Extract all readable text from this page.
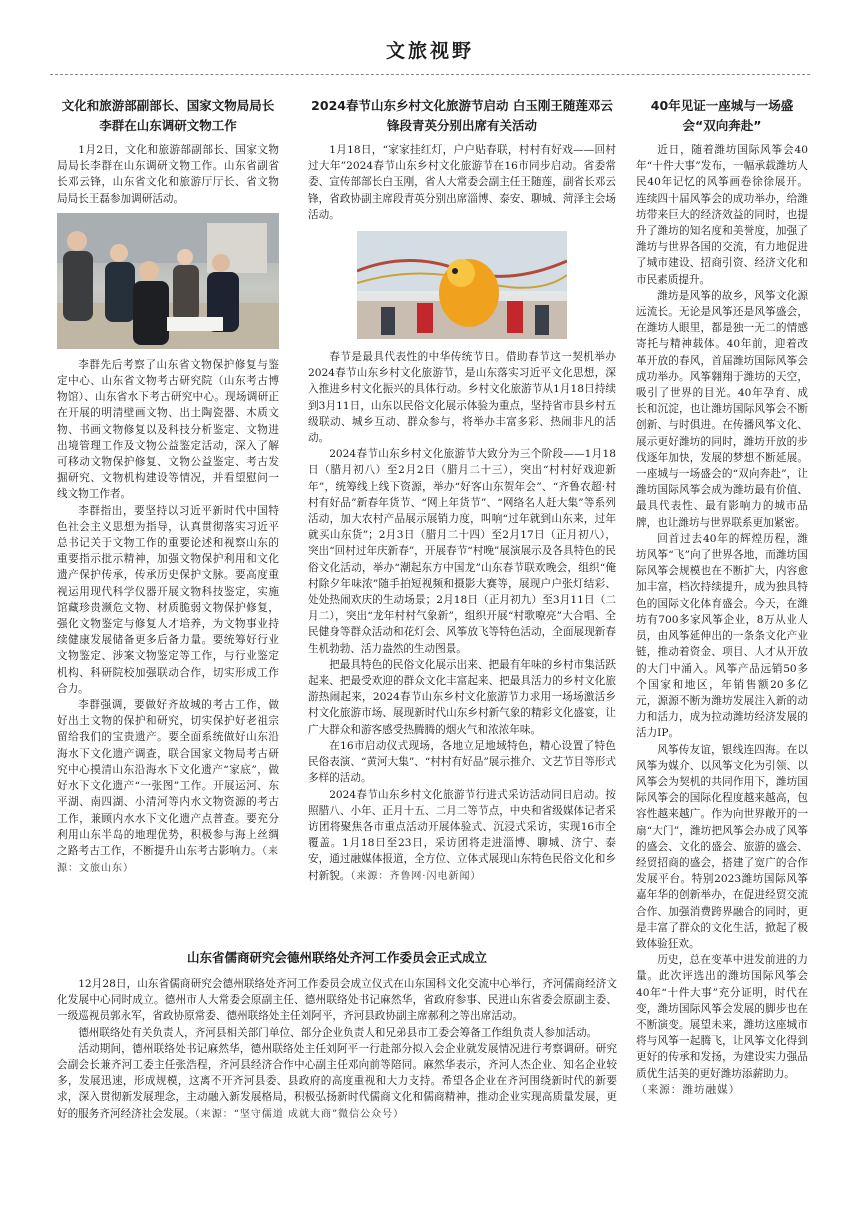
文旅视野
文化和旅游部副部长、国家文物局局长李群在山东调研文物工作

1月2日，文化和旅游部副部长、国家文物局局长李群在山东调研文物工作。山东省副省长邓云锋，山东省文化和旅游厅厅长、省文物局局长王磊参加调研活动。

李群先后考察了山东省文物保护修复与鉴定中心、山东省文物考古研究院（山东考古博物馆）、山东省水下考古研究中心。现场调研正在开展的明清壁画文物、出土陶瓷器、木质文物、书画文物修复以及科技分析鉴定、文物进出境管理工作及文物公益鉴定活动，深入了解可移动文物保护修复、文物公益鉴定、考古发掘研究、文物机构建设等情况，并看望慰问一线文物工作者。

李群指出，要坚持以习近平新时代中国特色社会主义思想为指导，认真贯彻落实习近平总书记关于文物工作的重要论述和视察山东的重要指示批示精神，加强文物保护利用和文化遗产保护传承，传承历史保护文脉。要高度重视运用现代科学仪器开展文物科技鉴定，实施馆藏珍贵濒危文物、材质脆弱文物保护修复，强化文物鉴定与修复人才培养，为文物事业持续健康发展储备更多后备力量。要统筹好行业文物鉴定、涉案文物鉴定等工作，与行业鉴定机构、科研院校加强联动合作，切实形成工作合力。

李群强调，要做好齐故城的考古工作，做好出土文物的保护和研究，切实保护好老祖宗留给我们的宝贵遗产。要全面系统做好山东沿海水下文化遗产调查，联合国家文物局考古研究中心摸清山东沿海水下文化遗产“家底”，做好水下文化遗产“一张图”工作。开展运河、东平湖、南四湖、小清河等内水文物资源的考古工作，兼顾内水水下文化遗产点普查。要充分利用山东半岛的地理优势，积极参与海上丝绸之路考古工作，不断提升山东考古影响力。（来源：文旅山东）

2024春节山东乡村文化旅游节启动 白玉刚王随莲邓云锋段青英分别出席有关活动

1月18日，“家家挂红灯，户户贴春联，村村有好戏——回村过大年”2024春节山东乡村文化旅游节在16市同步启动。省委常委、宣传部部长白玉刚，省人大常委会副主任王随莲，副省长邓云锋，省政协副主席段青英分别出席淄博、泰安、聊城、菏泽主会场活动。

春节是最具代表性的中华传统节日。借助春节这一契机举办2024春节山东乡村文化旅游节，是山东落实习近平文化思想，深入推进乡村文化振兴的具体行动。乡村文化旅游节从1月18日持续到3月11日，山东以民俗文化展示体验为重点，坚持省市县乡村五级联动、城乡互动、群众参与，将举办丰富多彩、热闹非凡的活动。

2024春节山东乡村文化旅游节大致分为三个阶段——1月18日（腊月初八）至2月2日（腊月二十三），突出“村村好戏迎新年”，统筹线上线下资源，举办“好客山东贺年会”、“齐鲁农超·村村有好品”新春年货节、“网上年货节”、“网络名人赶大集”等系列活动，加大农村产品展示展销力度，叫响“过年就到山东来，过年就买山东货”；2月3日（腊月二十四）至2月17日（正月初八），突出“回村过年庆新春”，开展春节“村晚”展演展示及各具特色的民俗文化活动，举办“潮起东方中国龙”山东春节联欢晚会，组织“俺村除夕年味浓”随手拍短视频和摄影大赛等，展现户户张灯结彩、处处热闹欢庆的生动场景；2月18日（正月初九）至3月11日（二月二），突出“龙年村村气象新”，组织开展“村歌嘹亮”大合唱、全民健身等群众活动和花灯会、风筝放飞等特色活动，全面展现新春生机勃勃、活力盎然的生动图景。

把最具特色的民俗文化展示出来、把最有年味的乡村市集活跃起来、把最受欢迎的群众文化丰富起来、把最具活力的乡村文化旅游热闹起来，2024春节山东乡村文化旅游节力求用一场场激活乡村文化旅游市场、展现新时代山东乡村新气象的精彩文化盛宴，让广大群众和游客感受热腾腾的烟火气和浓浓年味。

在16市启动仪式现场，各地立足地域特色，精心设置了特色民俗表演、“黄河大集”、“村村有好品”展示推介、文艺节目等形式多样的活动。

2024春节山东乡村文化旅游节行进式采访活动同日启动。按照腊八、小年、正月十五、二月二等节点，中央和省级媒体记者采访团将聚焦各市重点活动开展体验式、沉浸式采访，实现16市全覆盖。1月18日至23日，采访团将走进淄博、聊城、济宁、泰安，通过融媒体报道，全方位、立体式展现山东特色民俗文化和乡村新貌。（来源：齐鲁网·闪电新闻）

40年见证一座城与一场盛会“双向奔赴”

近日，随着潍坊国际风筝会40年“十件大事”发布，一幅承载潍坊人民40年记忆的风筝画卷徐徐展开。连续四十届风筝会的成功举办，给潍坊带来巨大的经济效益的同时，也提升了潍坊的知名度和美誉度，加强了潍坊与世界各国的交流，有力地促进了城市建设、招商引资、经济文化和市民素质提升。

潍坊是风筝的故乡，风筝文化源远流长。无论是风筝还是风筝盛会，在潍坊人眼里，都是独一无二的情感寄托与精神载体。40年前，迎着改革开放的春风，首届潍坊国际风筝会成功举办。风筝翱翔于潍坊的天空，吸引了世界的目光。40年孕育、成长和沉淀，也让潍坊国际风筝会不断创新、与时俱进。在传播风筝文化、展示更好潍坊的同时，潍坊开放的步伐逐年加快，发展的梦想不断延展。一座城与一场盛会的“双向奔赴”，让潍坊国际风筝会成为潍坊最有价值、最具代表性、最有影响力的城市品牌，也让潍坊与世界联系更加紧密。

回首过去40年的辉煌历程，潍坊风筝“飞”向了世界各地，而潍坊国际风筝会规模也在不断扩大，内容愈加丰富，档次持续提升，成为独具特色的国际文化体育盛会。今天，在潍坊有700多家风筝企业，8万从业人员，由风筝延伸出的一条条文化产业链，推动着资金、项目、人才从开放的大门中涌入。风筝产品远销50多个国家和地区，年销售额20多亿元，源源不断为潍坊发展注入新的动力和活力，成为拉动潍坊经济发展的活力IP。

风筝传友谊，银线连四海。在以风筝为媒介、以风筝文化为引领、以风筝会为契机的共同作用下，潍坊国际风筝会的国际化程度越来越高，包容性越来越广。作为向世界敞开的一扇“大门”，潍坊把风筝会办成了风筝的盛会、文化的盛会、旅游的盛会、经贸招商的盛会，搭建了宽广的合作发展平台。特别2023潍坊国际风筝嘉年华的创新举办，在促进经贸交流合作、加强消费跨界融合的同时，更是丰富了群众的文化生活，掀起了极致体验狂欢。

历史，总在变革中进发前进的力量。此次评选出的潍坊国际风筝会40年“十件大事”充分证明，时代在变，潍坊国际风筝会发展的脚步也在不断演变。展望未来，潍坊这座城市将与风筝一起腾飞，让风筝文化得到更好的传承和发扬，为建设实力强品质优生活美的更好潍坊添薪助力。

（来源：潍坊融媒）

山东省儒商研究会德州联络处齐河工作委员会正式成立

12月28日，山东省儒商研究会德州联络处齐河工作委员会成立仪式在山东国科文化交流中心举行，齐河儒商经济文化发展中心同时成立。德州市人大常委会原副主任、德州联络处书记麻然华，省政府参事、民进山东省委会原副主委、一级巡视员郭永军，省政协原常委、德州联络处主任刘阿平，齐河县政协副主席郝利之等出席活动。

德州联络处有关负责人，齐河县相关部门单位、部分企业负责人和兄弟县市工委会筹备工作组负责人参加活动。

活动期间，德州联络处书记麻然华，德州联络处主任刘阿平一行赴部分拟入会企业就发展情况进行考察调研。研究会副会长兼齐河工委主任张浩程，齐河县经济合作中心副主任邓向前等陪同。麻然华表示，齐河人杰企业、知名企业较多，发展迅速，形成规模，这离不开齐河县委、县政府的高度重视和大力支持。希望各企业在齐河围绕新时代的新要求，深入贯彻新发展理念，主动融入新发展格局，积极弘扬新时代儒商文化和儒商精神，推动企业实现高质量发展，更好的服务齐河经济社会发展。（来源：“坚守儒道 成就大商”微信公众号）
